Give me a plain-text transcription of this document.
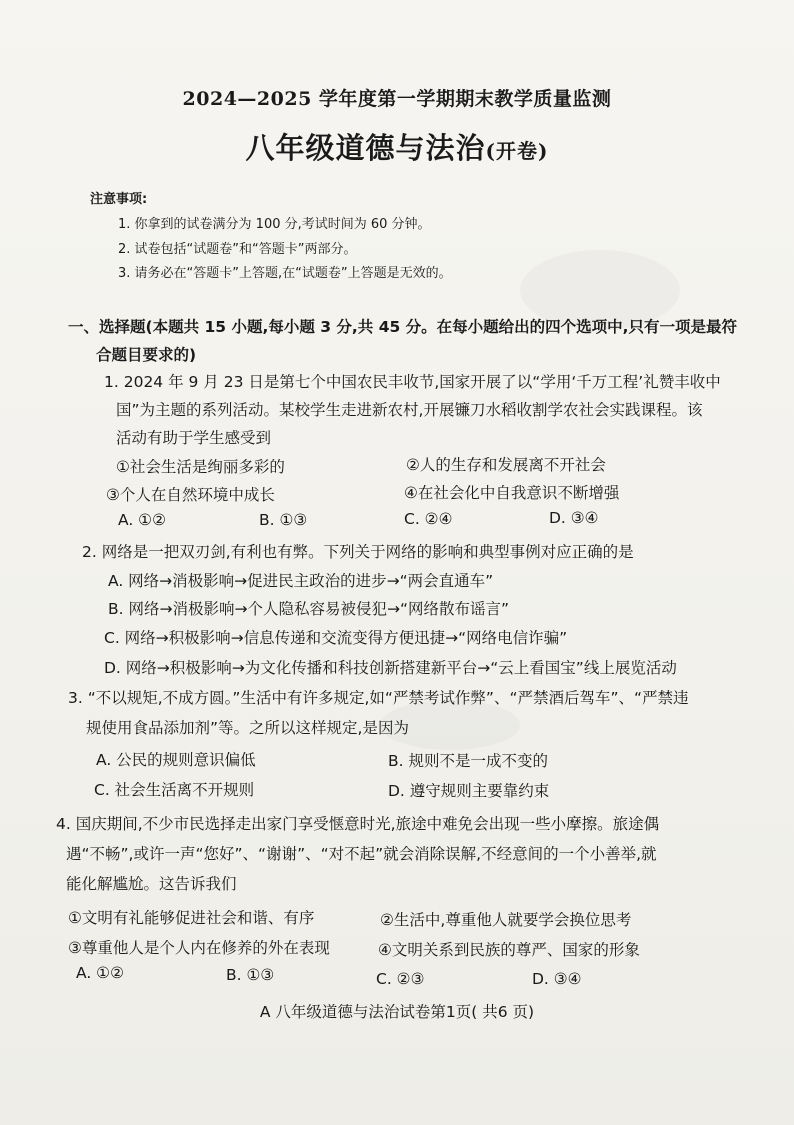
2024—2025 学年度第一学期期末教学质量监测
八年级道德与法治(开卷)
注意事项:
1. 你拿到的试卷满分为 100 分,考试时间为 60 分钟。
2. 试卷包括“试题卷”和“答题卡”两部分。
3. 请务必在“答题卡”上答题,在“试题卷”上答题是无效的。
一、选择题(本题共 15 小题,每小题 3 分,共 45 分。在每小题给出的四个选项中,只有一项是最符
合题目要求的)
1. 2024 年 9 月 23 日是第七个中国农民丰收节,国家开展了以“学用‘千万工程’礼赞丰收中
国”为主题的系列活动。某校学生走进新农村,开展镰刀水稻收割学农社会实践课程。该
活动有助于学生感受到
①社会生活是绚丽多彩的	②人的生存和发展离不开社会
③个人在自然环境中成长	④在社会化中自我意识不断增强
A. ①②	B. ①③	C. ②④	D. ③④
2. 网络是一把双刃剑,有利也有弊。下列关于网络的影响和典型事例对应正确的是
A. 网络→消极影响→促进民主政治的进步→“两会直通车”
B. 网络→消极影响→个人隐私容易被侵犯→“网络散布谣言”
C. 网络→积极影响→信息传递和交流变得方便迅捷→“网络电信诈骗”
D. 网络→积极影响→为文化传播和科技创新搭建新平台→“云上看国宝”线上展览活动
3. “不以规矩,不成方圆。”生活中有许多规定,如“严禁考试作弊”、“严禁酒后驾车”、“严禁违
规使用食品添加剂”等。之所以这样规定,是因为
A. 公民的规则意识偏低	B. 规则不是一成不变的
C. 社会生活离不开规则	D. 遵守规则主要靠约束
4. 国庆期间,不少市民选择走出家门享受惬意时光,旅途中难免会出现一些小摩擦。旅途偶
遇“不畅”,或许一声“您好”、“谢谢”、“对不起”就会消除误解,不经意间的一个小善举,就
能化解尴尬。这告诉我们
①文明有礼能够促进社会和谐、有序	②生活中,尊重他人就要学会换位思考
③尊重他人是个人内在修养的外在表现	④文明关系到民族的尊严、国家的形象
A. ①②	B. ①③	C. ②③	D. ③④
A 八年级道德与法治试卷第1页( 共6 页)
